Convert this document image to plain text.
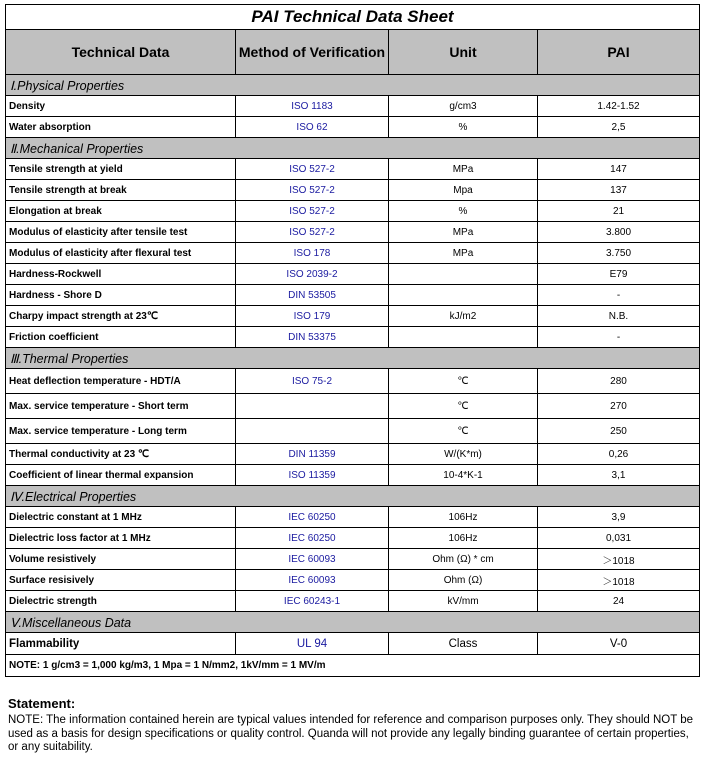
PAI Technical Data Sheet			
Technical Data	Method of Verification	Unit	PAI
Ⅰ.Physical Properties			
Density	ISO 1183	g/cm3	1.42-1.52
Water absorption	ISO 62	%	2,5
Ⅱ.Mechanical Properties			
Tensile strength at yield	ISO 527-2	MPa	147
Tensile strength at break	ISO 527-2	Mpa	137
Elongation at break	ISO 527-2	%	21
Modulus of elasticity after tensile test	ISO 527-2	MPa	3.800
Modulus of elasticity after flexural test	ISO 178	MPa	3.750
Hardness-Rockwell	ISO 2039-2		E79
Hardness - Shore D	DIN 53505		-
Charpy impact strength at 23℃	ISO 179	kJ/m2	N.B.
Friction coefficient	DIN 53375		-
Ⅲ.Thermal Properties			
Heat deflection temperature - HDT/A	ISO 75-2	℃	280
Max. service temperature - Short term		℃	270
Max. service temperature - Long term		℃	250
Thermal conductivity at 23 ℃	DIN 11359	W/(K*m)	0,26
Coefficient of linear thermal expansion	ISO 11359	10-4*K-1	3,1
Ⅳ.Electrical Properties			
Dielectric constant at 1 MHz	IEC 60250	106Hz	3,9
Dielectric loss factor at 1 MHz	IEC 60250	106Hz	0,031
Volume resistively	IEC 60093	Ohm (Ω) * cm	＞1018
Surface resisively	IEC 60093	Ohm (Ω)	＞1018
Dielectric strength	IEC 60243-1	kV/mm	24
Ⅴ.Miscellaneous Data			
Flammability	UL 94	Class	V-0
NOTE: 1 g/cm3 = 1,000 kg/m3, 1 Mpa = 1 N/mm2, 1kV/mm = 1 MV/m			
Statement:
NOTE: The information contained herein are typical values intended for reference and comparison purposes only. They should NOT be used as a basis for design specifications or quality control. Quanda will not provide any legally binding guarantee of certain properties, or any suitability.
